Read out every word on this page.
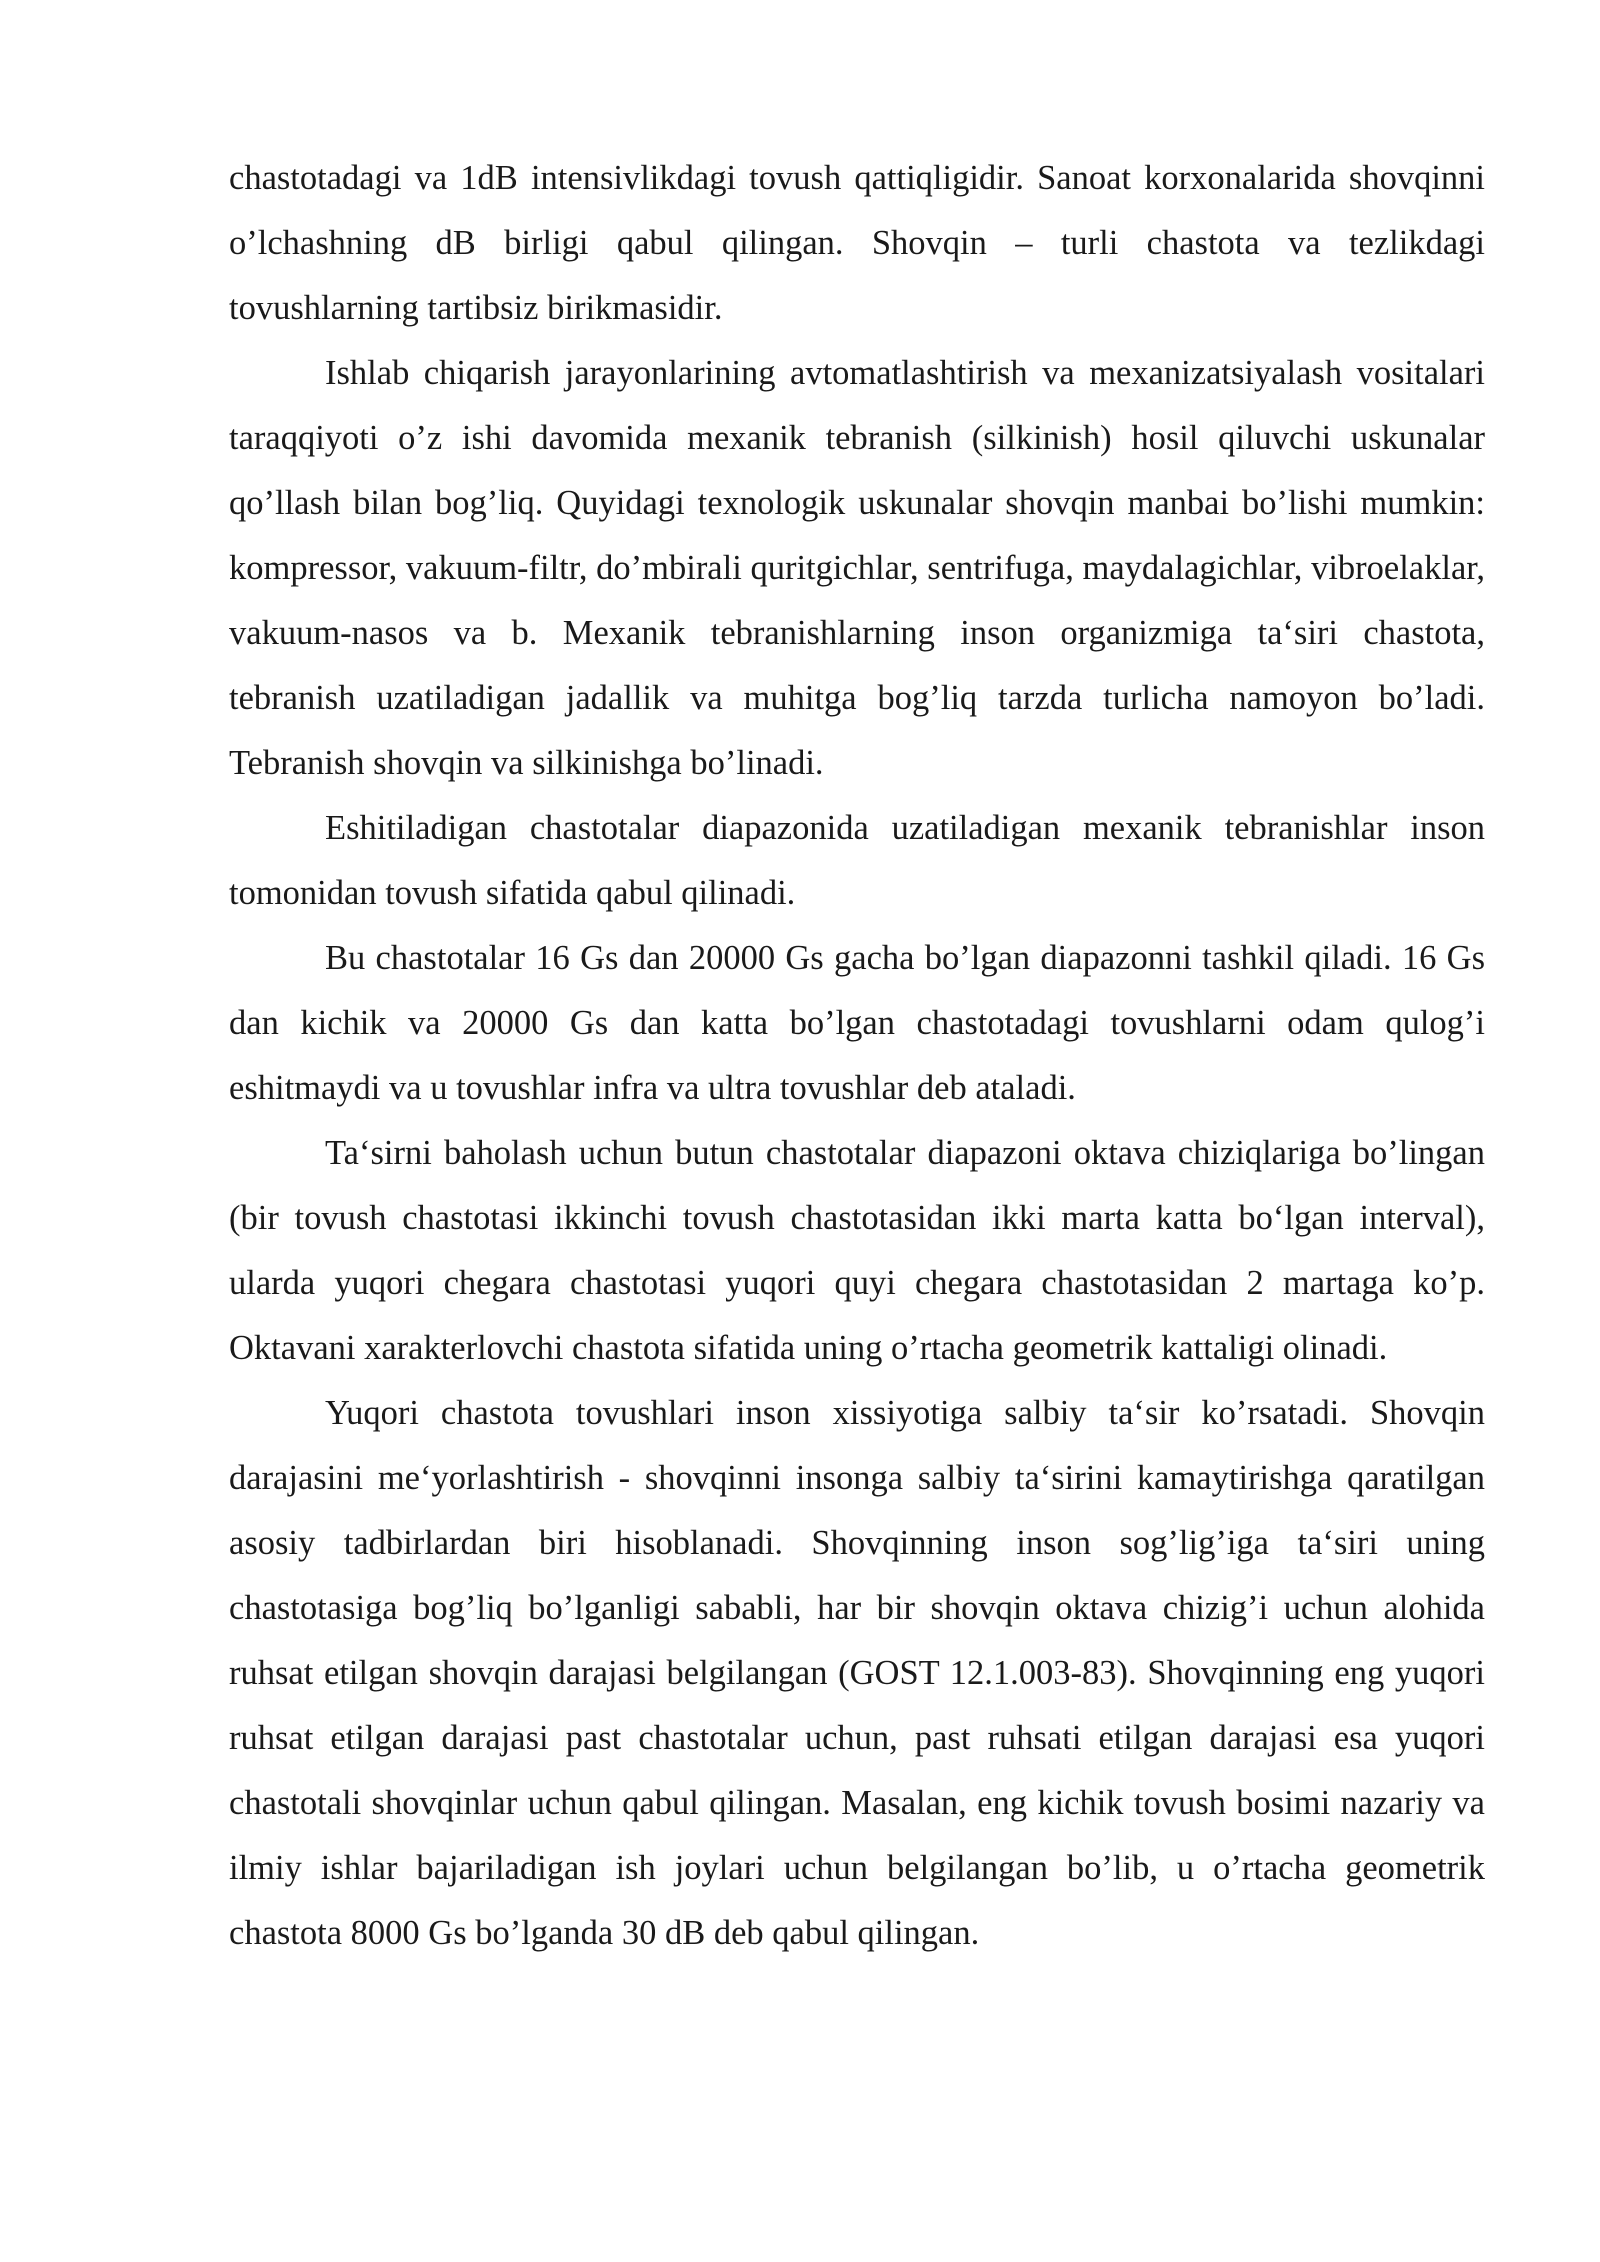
chastotadagi va 1dB intensivlikdagi tovush qattiqligidir. Sanoat korxonalarida shovqinni o’lchashning dB birligi qabul qilingan. Shovqin – turli chastota va tezlikdagi tovushlarning tartibsiz birikmasidir.

Ishlab chiqarish jarayonlarining avtomatlashtirish va mexanizatsiyalash vositalari taraqqiyoti o’z ishi davomida mexanik tebranish (silkinish) hosil qiluvchi uskunalar qo’llash bilan bog’liq. Quyidagi texnologik uskunalar shovqin manbai bo’lishi mumkin: kompressor, vakuum-filtr, do’mbirali quritgichlar, sentrifuga, maydalagichlar, vibroelaklar, vakuum-nasos va b. Mexanik tebranishlarning inson organizmiga ta‘siri chastota, tebranish uzatiladigan jadallik va muhitga bog’liq tarzda turlicha namoyon bo’ladi. Tebranish shovqin va silkinishga bo’linadi.

Eshitiladigan chastotalar diapazonida uzatiladigan mexanik tebranishlar inson tomonidan tovush sifatida qabul qilinadi.

Bu chastotalar 16 Gs dan 20000 Gs gacha bo’lgan diapazonni tashkil qiladi. 16 Gs dan kichik va 20000 Gs dan katta bo’lgan chastotadagi tovushlarni odam qulog’i eshitmaydi va u tovushlar infra va ultra tovushlar deb ataladi.

Ta‘sirni baholash uchun butun chastotalar diapazoni oktava chiziqlariga bo’lingan (bir tovush chastotasi ikkinchi tovush chastotasidan ikki marta katta bo‘lgan interval), ularda yuqori chegara chastotasi yuqori quyi chegara chastotasidan 2 martaga ko’p. Oktavani xarakterlovchi chastota sifatida uning o’rtacha geometrik kattaligi olinadi.

Yuqori chastota tovushlari inson xissiyotiga salbiy ta‘sir ko’rsatadi. Shovqin darajasini me‘yorlashtirish - shovqinni insonga salbiy ta‘sirini kamaytirishga qaratilgan asosiy tadbirlardan biri hisoblanadi. Shovqinning inson sog’lig’iga ta‘siri uning chastotasiga bog’liq bo’lganligi sababli, har bir shovqin oktava chizig’i uchun alohida ruhsat etilgan shovqin darajasi belgilangan (GOST 12.1.003-83). Shovqinning eng yuqori ruhsat etilgan darajasi past chastotalar uchun, past ruhsati etilgan darajasi esa yuqori chastotali shovqinlar uchun qabul qilingan. Masalan, eng kichik tovush bosimi nazariy va ilmiy ishlar bajariladigan ish joylari uchun belgilangan bo’lib, u o’rtacha geometrik chastota 8000 Gs bo’lganda 30 dB deb qabul qilingan.
